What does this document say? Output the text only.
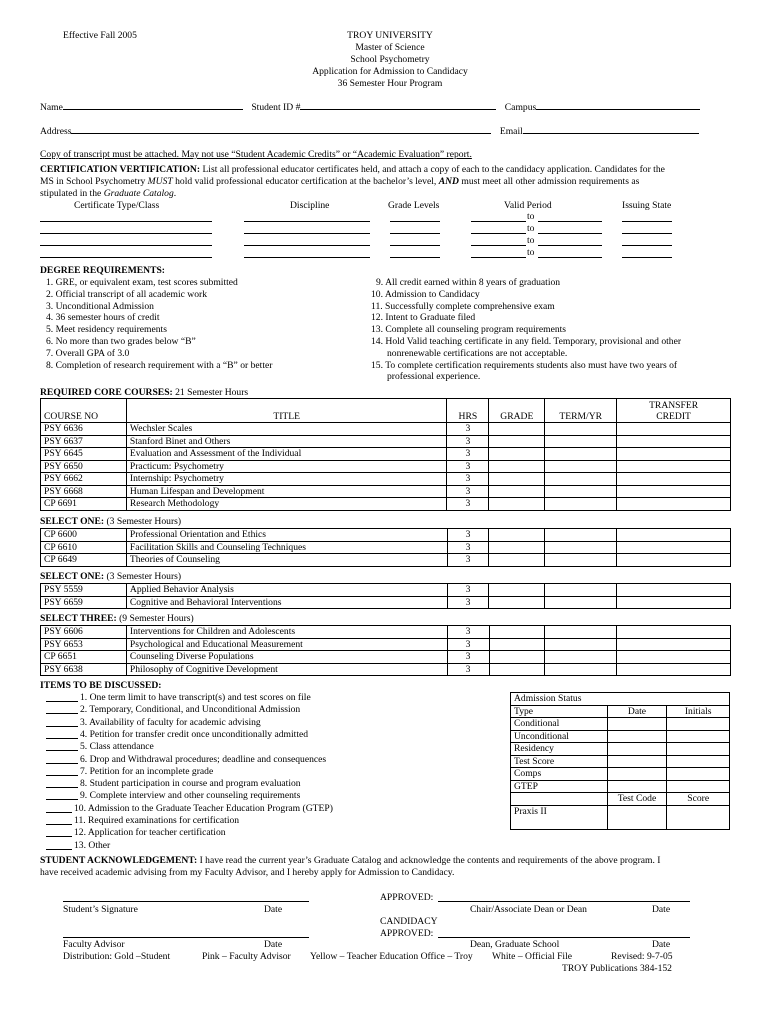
Effective Fall 2005	TROY UNIVERSITY
Master of Science
School Psychometry
Application for Admission to Candidacy
36 Semester Hour Program
Name	Student ID #	Campus
Address	Email
Copy of transcript must be attached. May not use “Student Academic Credits” or “Academic Evaluation” report.
CERTIFICATION VERTIFICATION: List all professional educator certificates held, and attach a copy of each to the candidacy application. Candidates for the
MS in School Psychometry MUST hold valid professional educator certification at the bachelor’s level, AND must meet all other admission requirements as
stipulated in the Graduate Catalog.
Certificate Type/Class	Discipline	Grade Levels	Valid Period	Issuing State
to
to
to
to
DEGREE REQUIREMENTS:
1. GRE, or equivalent exam, test scores submitted
2. Official transcript of all academic work
3. Unconditional Admission
4. 36 semester hours of credit
5. Meet residency requirements
6. No more than two grades below “B”
7. Overall GPA of 3.0
8. Completion of research requirement with a “B” or better
9. All credit earned within 8 years of graduation
10. Admission to Candidacy
11. Successfully complete comprehensive exam
12. Intent to Graduate filed
13. Complete all counseling program requirements
14. Hold Valid teaching certificate in any field. Temporary, provisional and other
nonrenewable certifications are not acceptable.
15. To complete certification requirements students also must have two years of
professional experience.
REQUIRED CORE COURSES: 21 Semester Hours
COURSE NO	TITLE	HRS	GRADE	TERM/YR	TRANSFER
CREDIT
PSY 6636	Wechsler Scales	3			
PSY 6637	Stanford Binet and Others	3			
PSY 6645	Evaluation and Assessment of the Individual	3			
PSY 6650	Practicum: Psychometry	3			
PSY 6662	Internship: Psychometry	3			
PSY 6668	Human Lifespan and Development	3			
CP 6691	Research Methodology	3			
SELECT ONE: (3 Semester Hours)
CP 6600	Professional Orientation and Ethics	3			
CP 6610	Facilitation Skills and Counseling Techniques	3			
CP 6649	Theories of Counseling	3			
SELECT ONE: (3 Semester Hours)
PSY 5559	Applied Behavior Analysis	3			
PSY 6659	Cognitive and Behavioral Interventions	3			
SELECT THREE: (9 Semester Hours)
PSY 6606	Interventions for Children and Adolescents	3			
PSY 6653	Psychological and Educational Measurement	3			
CP 6651	Counseling Diverse Populations	3			
PSY 6638	Philosophy of Cognitive Development	3			
ITEMS TO BE DISCUSSED:
1. One term limit to have transcript(s) and test scores on file
2. Temporary, Conditional, and Unconditional Admission
3. Availability of faculty for academic advising
4. Petition for transfer credit once unconditionally admitted
5. Class attendance
6. Drop and Withdrawal procedures; deadline and consequences
7. Petition for an incomplete grade
8. Student participation in course and program evaluation
9. Complete interview and other counseling requirements
10. Admission to the Graduate Teacher Education Program (GTEP)
11. Required examinations for certification
12. Application for teacher certification
13. Other
Admission Status		
Type	Date	Initials
Conditional		
Unconditional		
Residency		
Test Score		
Comps		
GTEP		
	Test Code	Score
Praxis II		
STUDENT ACKNOWLEDGEMENT: I have read the current year’s Graduate Catalog and acknowledge the contents and requirements of the above program. I
have received academic advising from my Faculty Advisor, and I hereby apply for Admission to Candidacy.
APPROVED:
Student’s Signature	Date	Chair/Associate Dean or Dean	Date
CANDIDACY
APPROVED:
Faculty Advisor	Date	Dean, Graduate School	Date
Distribution: Gold –Student	Pink – Faculty Advisor Yellow – Teacher Education Office – Troy White – Official File	Revised: 9-7-05
TROY Publications 384-152
